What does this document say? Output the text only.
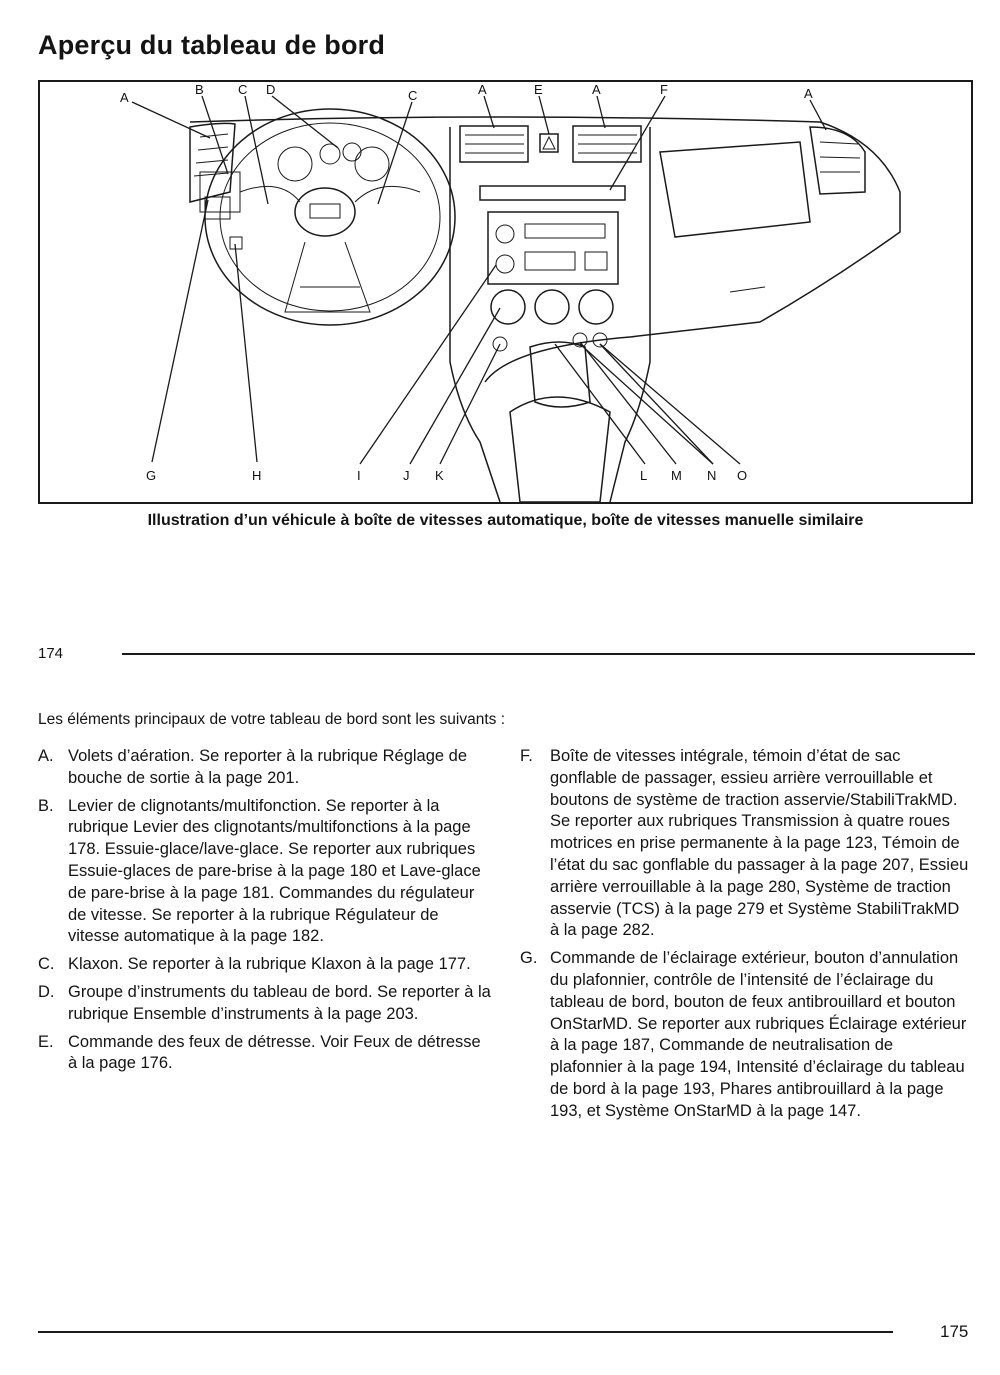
Aperçu du tableau de bord
A
B	C D	C	A	E	A	F	A
G	H	I	J K	L M N O
Illustration d’un véhicule à boîte de vitesses automatique, boîte de vitesses manuelle similaire
174
Les éléments principaux de votre tableau de bord sont les suivants :
A. Volets d’aération. Se reporter à la rubrique Réglage de bouche de sortie à la page 201.
B. Levier de clignotants/multifonction. Se reporter à la rubrique Levier des clignotants/multifonctions à la page 178. Essuie-glace/lave-glace. Se reporter aux rubriques Essuie-glaces de pare-brise à la page 180 et Lave-glace de pare-brise à la page 181. Commandes du régulateur de vitesse. Se reporter à la rubrique Régulateur de vitesse automatique à la page 182.
C. Klaxon. Se reporter à la rubrique Klaxon à la page 177.
D. Groupe d’instruments du tableau de bord. Se reporter à la rubrique Ensemble d’instruments à la page 203.
E. Commande des feux de détresse. Voir Feux de détresse à la page 176.
F.	Boîte de vitesses intégrale, témoin d’état de sac gonflable de passager, essieu arrière verrouillable et boutons de système de traction asservie/StabiliTrakMD. Se reporter aux rubriques Transmission à quatre roues motrices en prise permanente à la page 123, Témoin de l’état du sac gonflable du passager à la page 207, Essieu arrière verrouillable à la page 280, Système de traction asservie (TCS) à la page 279 et Système StabiliTrakMD à la page 282.
G. Commande de l’éclairage extérieur, bouton d’annulation du plafonnier, contrôle de l’intensité de l’éclairage du tableau de bord, bouton de feux antibrouillard et bouton OnStarMD. Se reporter aux rubriques Éclairage extérieur à la page 187, Commande de neutralisation de plafonnier à la page 194, Intensité d’éclairage du tableau de bord à la page 193, Phares antibrouillard à la page 193, et Système OnStarMD à la page 147.
175
